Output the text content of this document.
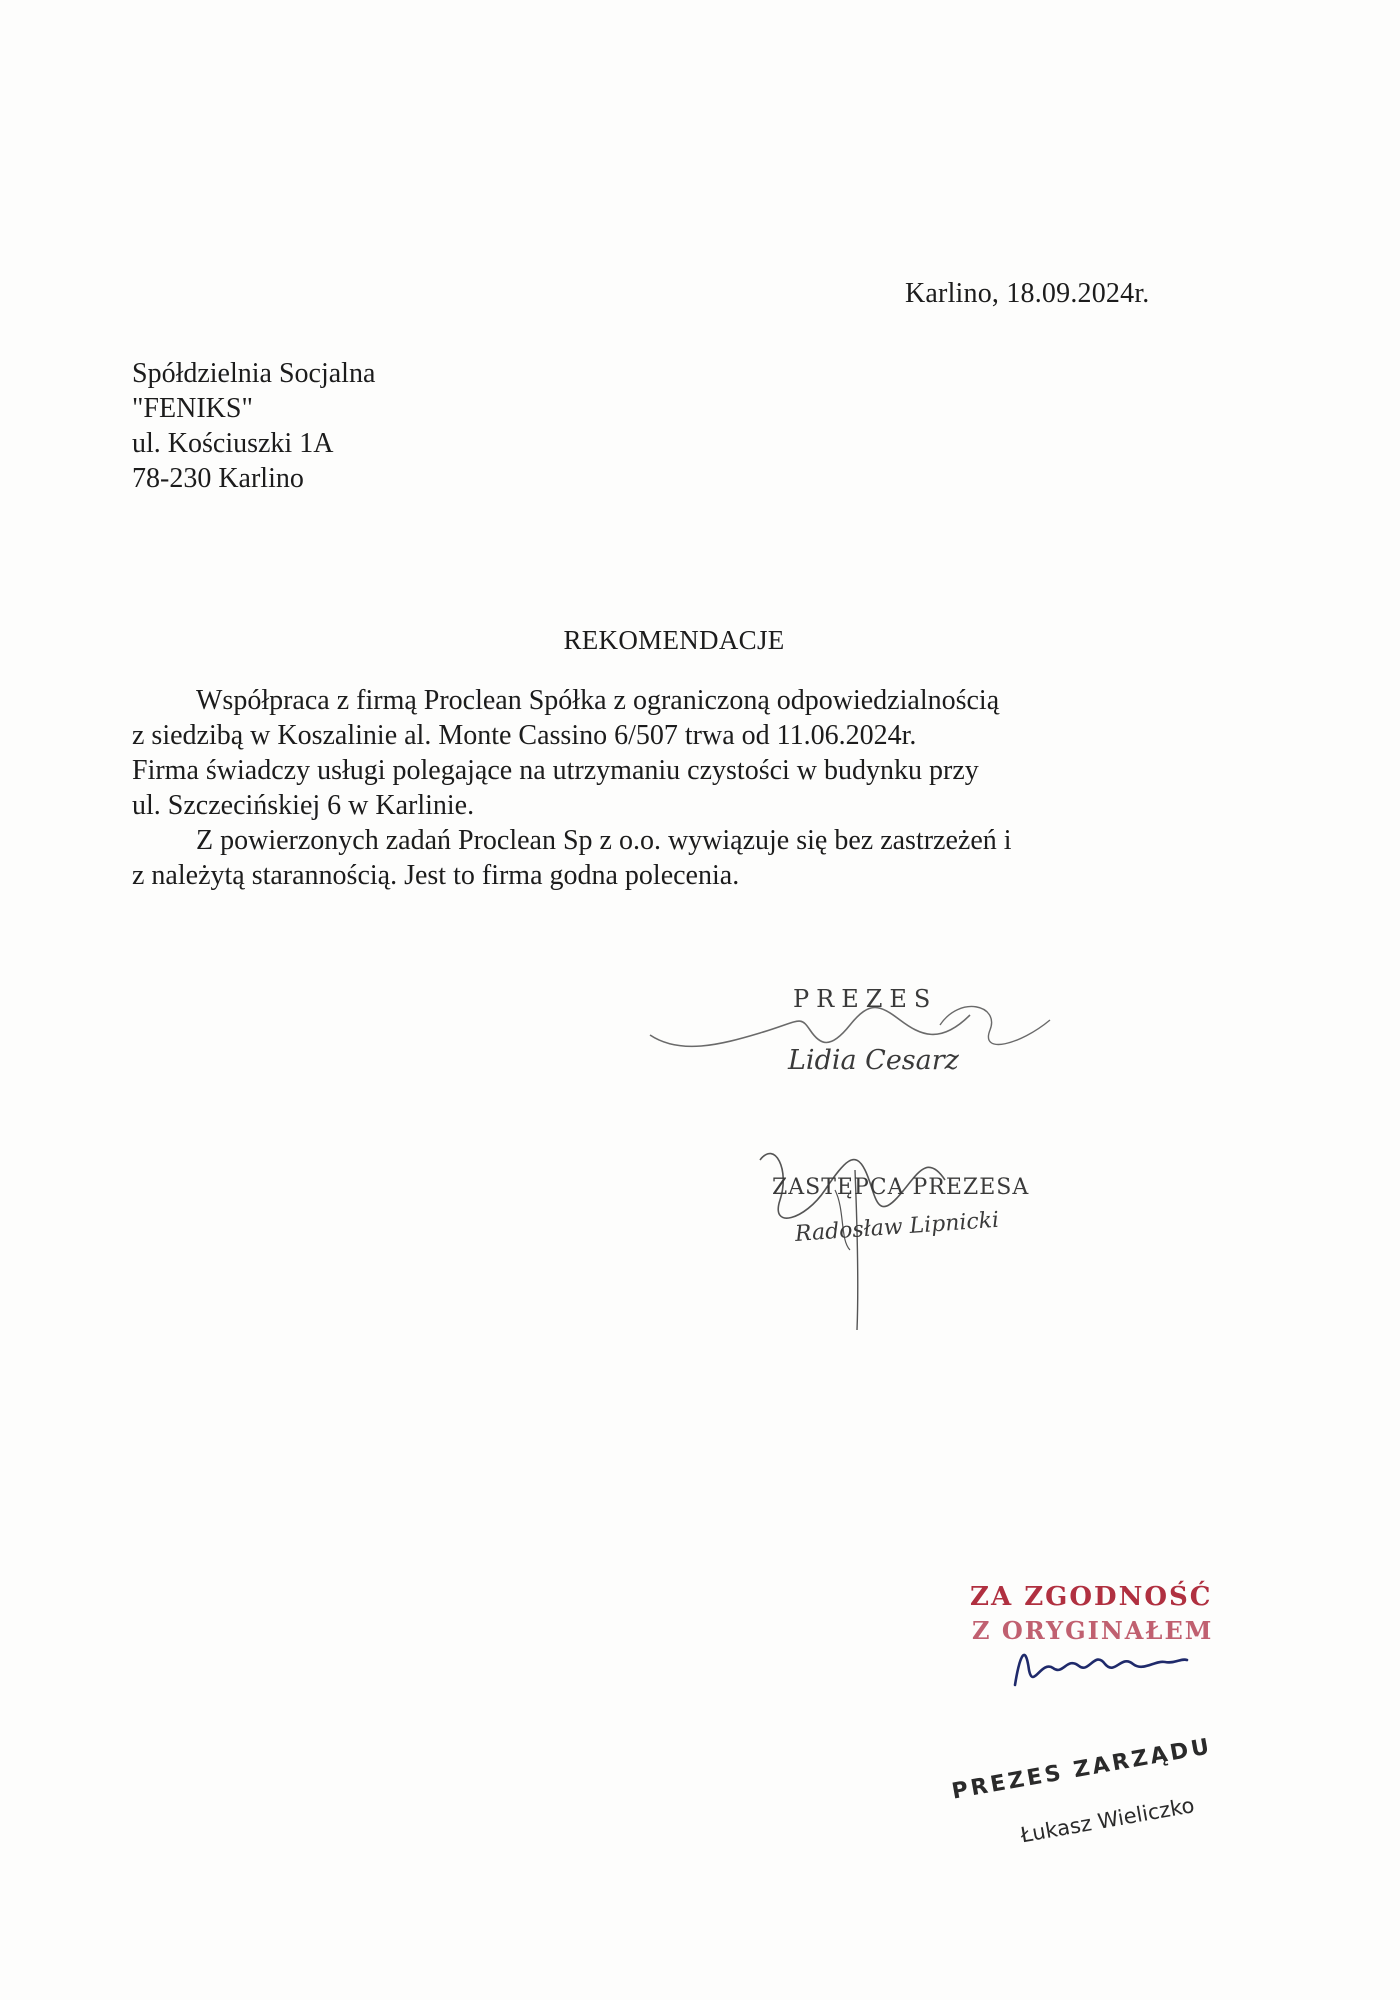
Karlino, 18.09.2024r.
Spółdzielnia Socjalna
"FENIKS"
ul. Kościuszki 1A
78-230 Karlino
REKOMENDACJE
Współpraca z firmą Proclean Spółka z ograniczoną odpowiedzialnością
z siedzibą w Koszalinie al. Monte Cassino 6/507 trwa od 11.06.2024r.
Firma świadczy usługi polegające na utrzymaniu czystości w budynku przy
ul. Szczecińskiej 6 w Karlinie.
Z powierzonych zadań Proclean Sp z o.o. wywiązuje się bez zastrzeżeń i
z należytą starannością. Jest to firma godna polecenia.
PREZES
Lidia Cesarz
ZASTĘPCA PREZESA
Radosław Lipnicki
ZA ZGODNOŚĆ
Z ORYGINAŁEM
PREZES ZARZĄDU
Łukasz Wieliczko
